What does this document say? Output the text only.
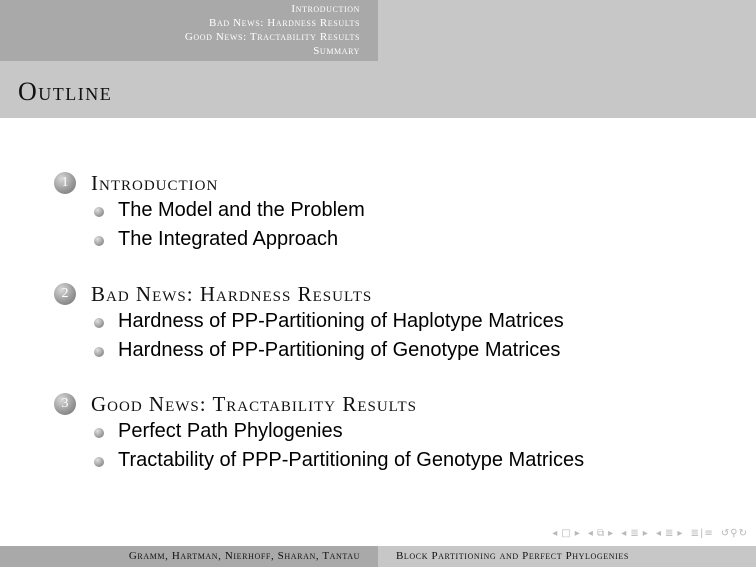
Introduction
Bad News: Hardness Results
Good News: Tractability Results
Summary
Outline
1	Introduction
The Model and the Problem
The Integrated Approach
2	Bad News: Hardness Results
Hardness of PP-Partitioning of Haplotype Matrices
Hardness of PP-Partitioning of Genotype Matrices
3	Good News: Tractability Results
Perfect Path Phylogenies
Tractability of PPP-Partitioning of Genotype Matrices
◂ □ ▸ ◂ ⧉ ▸ ◂ ≣ ▸ ◂ ≣ ▸ ≣|≡ ↺⚲↻
Gramm, Hartman, Nierhoff, Sharan, Tantau	Block Partitioning and Perfect Phylogenies
